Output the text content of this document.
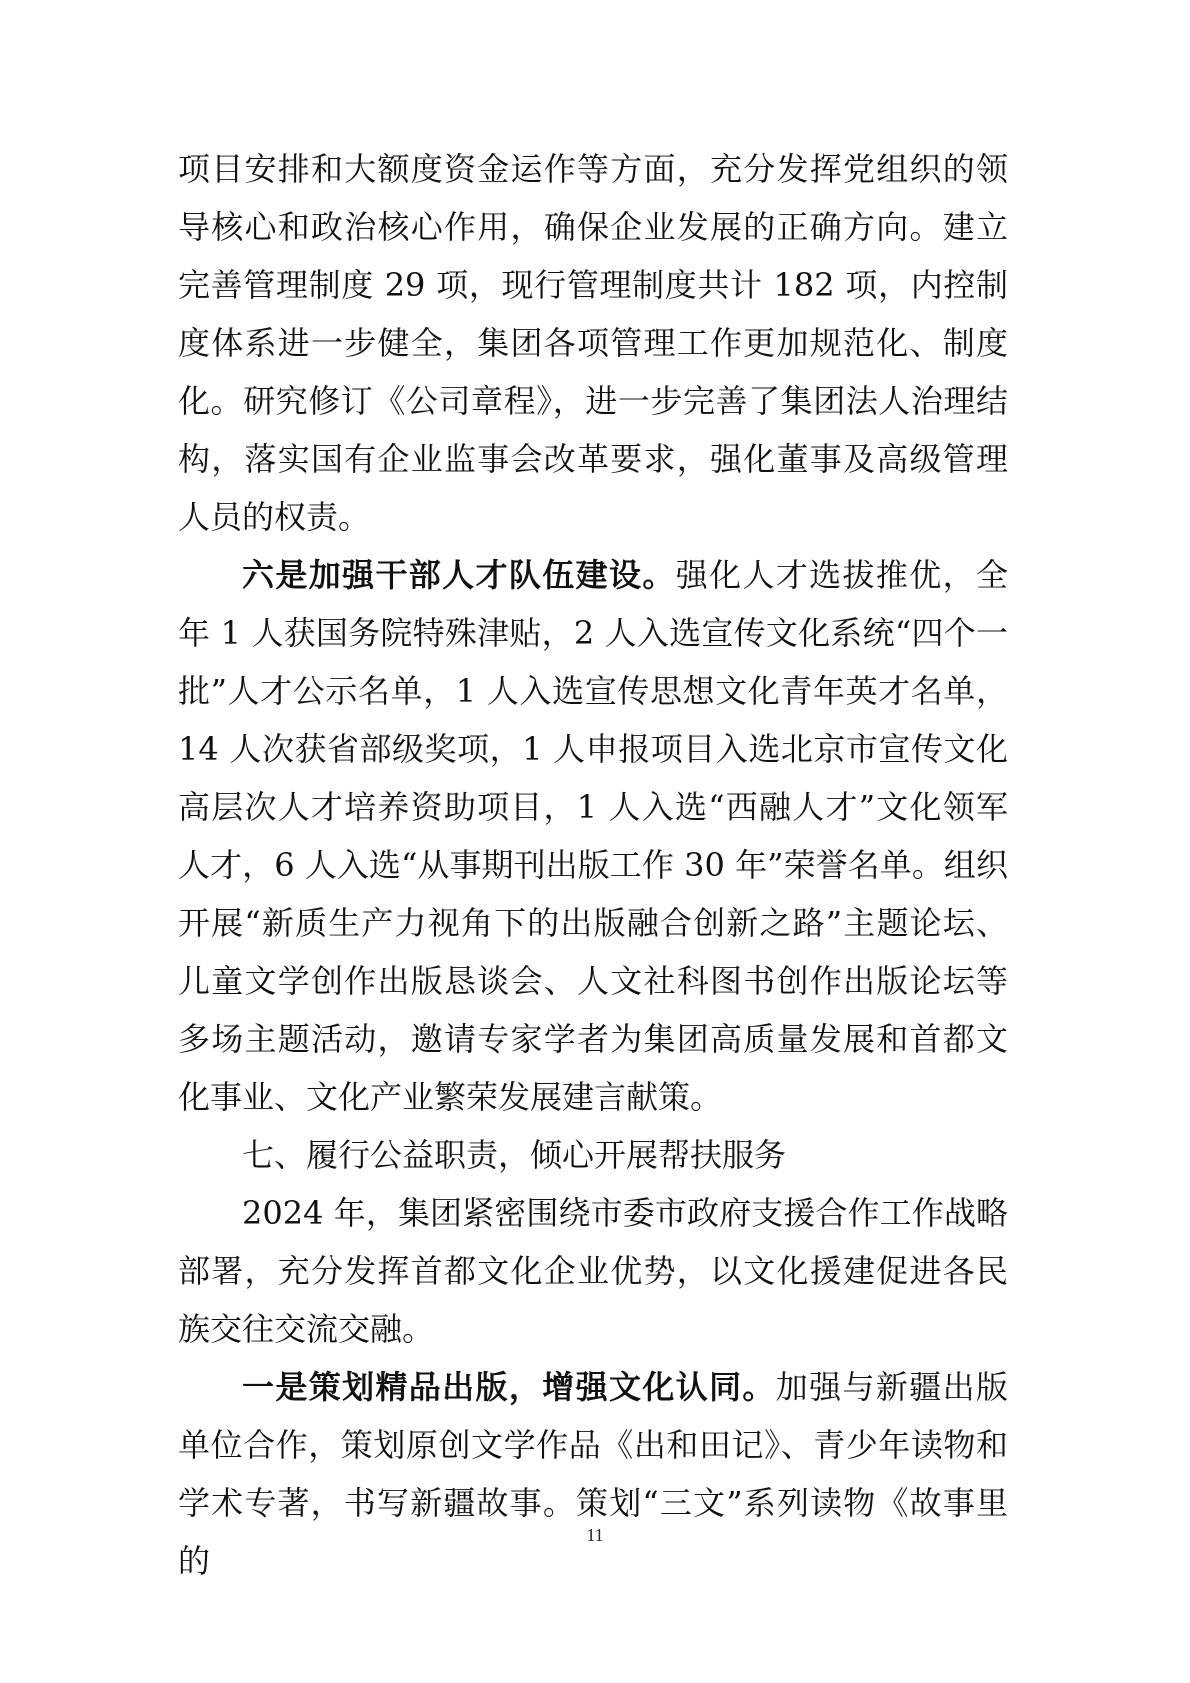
项目安排和大额度资金运作等方面，充分发挥党组织的领导核心和政治核心作用，确保企业发展的正确方向。建立完善管理制度 29 项，现行管理制度共计 182 项，内控制度体系进一步健全，集团各项管理工作更加规范化、制度化。研究修订《公司章程》，进一步完善了集团法人治理结构，落实国有企业监事会改革要求，强化董事及高级管理人员的权责。

六是加强干部人才队伍建设。强化人才选拔推优，全年 1 人获国务院特殊津贴，2 人入选宣传文化系统“四个一批”人才公示名单，1 人入选宣传思想文化青年英才名单，14 人次获省部级奖项，1 人申报项目入选北京市宣传文化高层次人才培养资助项目，1 人入选“西融人才”文化领军人才，6 人入选“从事期刊出版工作 30 年”荣誉名单。组织开展“新质生产力视角下的出版融合创新之路”主题论坛、儿童文学创作出版恳谈会、人文社科图书创作出版论坛等多场主题活动，邀请专家学者为集团高质量发展和首都文化事业、文化产业繁荣发展建言献策。

七、履行公益职责，倾心开展帮扶服务

2024 年，集团紧密围绕市委市政府支援合作工作战略部署，充分发挥首都文化企业优势，以文化援建促进各民族交往交流交融。

一是策划精品出版，增强文化认同。加强与新疆出版单位合作，策划原创文学作品《出和田记》、青少年读物和学术专著，书写新疆故事。策划“三文”系列读物《故事里的

11
